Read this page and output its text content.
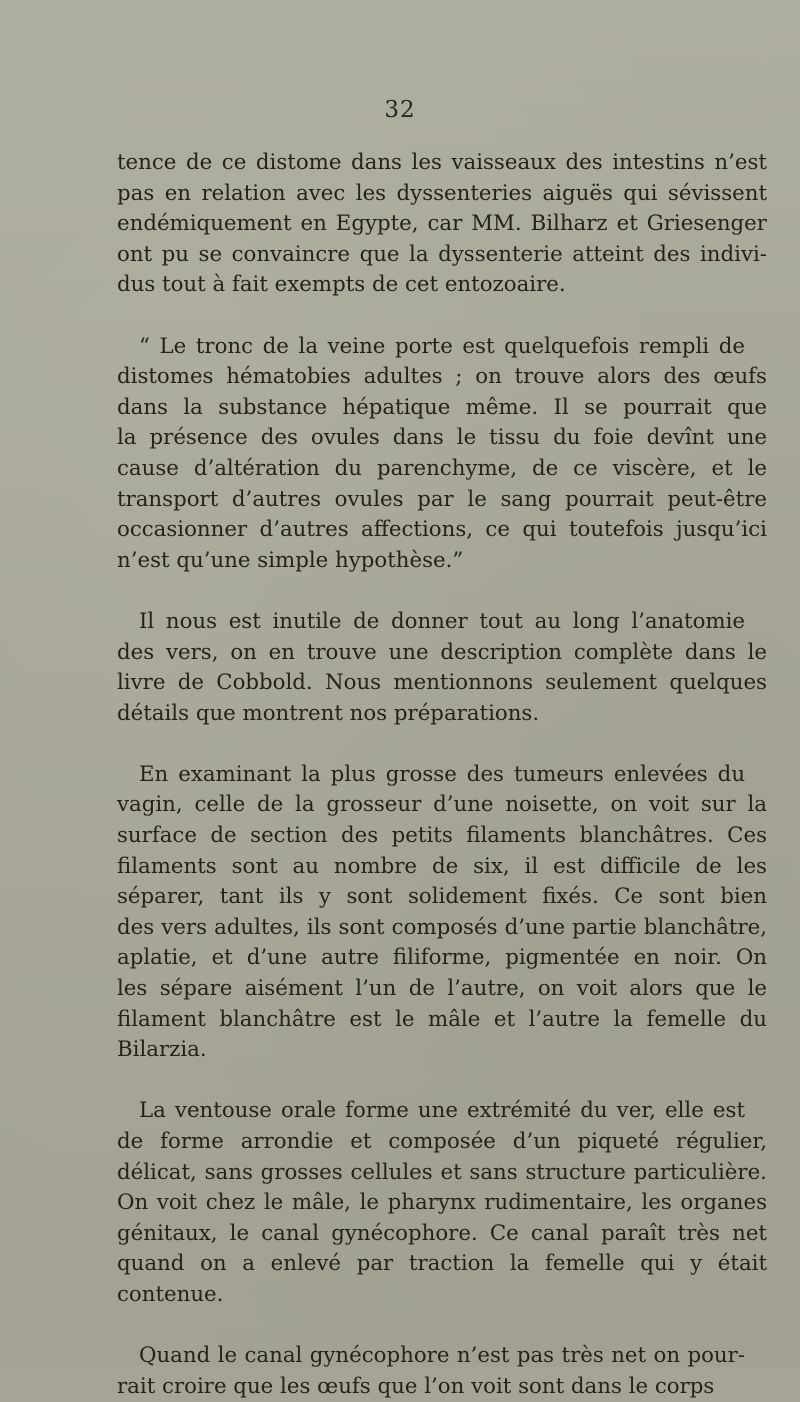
32

tence de ce distome dans les vaisseaux des intestins n’est
pas en relation avec les dyssenteries aiguës qui sévissent
endémiquement en Egypte, car MM. Bilharz et Griesenger
ont pu se convaincre que la dyssenterie atteint des indivi-
dus tout à fait exempts de cet entozoaire.

“ Le tronc de la veine porte est quelquefois rempli de
distomes hématobies adultes ; on trouve alors des œufs
dans la substance hépatique même. Il se pourrait que
la présence des ovules dans le tissu du foie devînt une
cause d’altération du parenchyme, de ce viscère, et le
transport d’autres ovules par le sang pourrait peut-être
occasionner d’autres affections, ce qui toutefois jusqu’ici
n’est qu’une simple hypothèse.”

Il nous est inutile de donner tout au long l’anatomie
des vers, on en trouve une description complète dans le
livre de Cobbold. Nous mentionnons seulement quelques
détails que montrent nos préparations.

En examinant la plus grosse des tumeurs enlevées du
vagin, celle de la grosseur d’une noisette, on voit sur la
surface de section des petits filaments blanchâtres. Ces
filaments sont au nombre de six, il est difficile de les
séparer, tant ils y sont solidement fixés. Ce sont bien
des vers adultes, ils sont composés d’une partie blanchâtre,
aplatie, et d’une autre filiforme, pigmentée en noir. On
les sépare aisément l’un de l’autre, on voit alors que le
filament blanchâtre est le mâle et l’autre la femelle du
Bilarzia.

La ventouse orale forme une extrémité du ver, elle est
de forme arrondie et composée d’un piqueté régulier,
délicat, sans grosses cellules et sans structure particulière.
On voit chez le mâle, le pharynx rudimentaire, les organes
génitaux, le canal gynécophore. Ce canal paraît très net
quand on a enlevé par traction la femelle qui y était
contenue.

Quand le canal gynécophore n’est pas très net on pour-
rait croire que les œufs que l’on voit sont dans le corps
